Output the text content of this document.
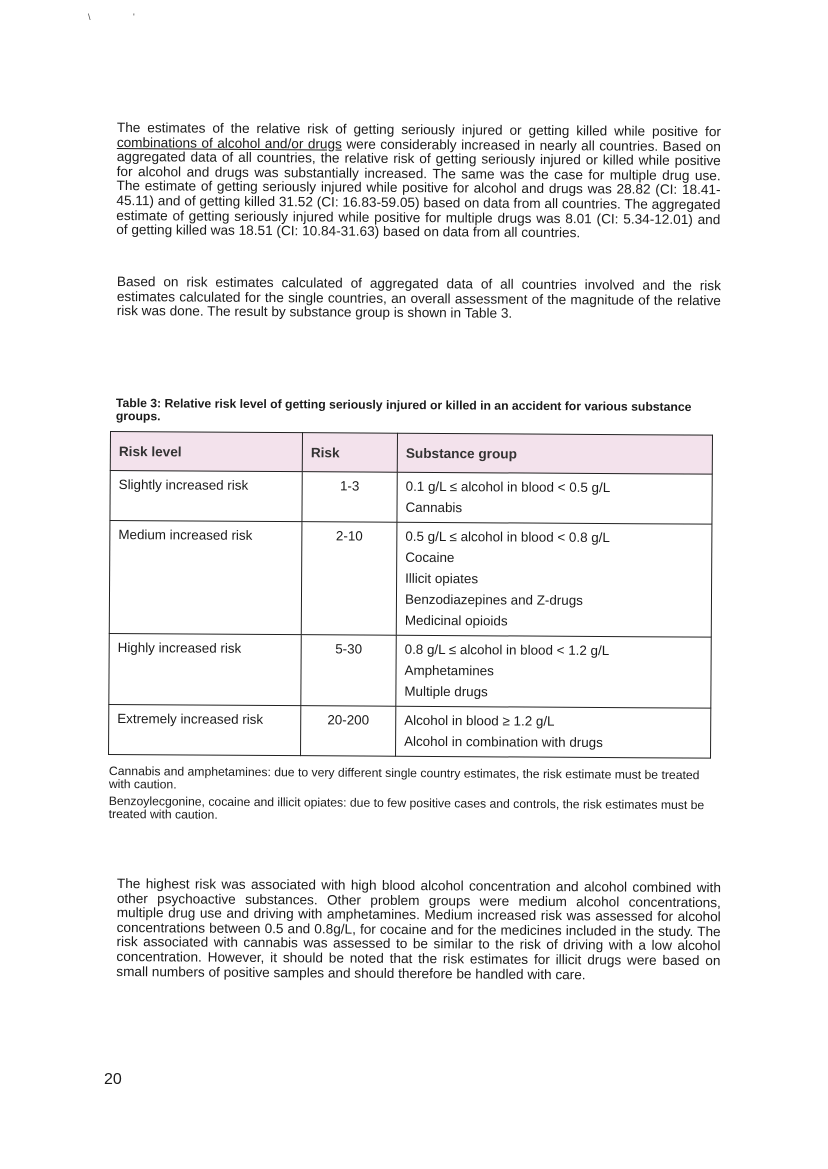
\	'

The estimates of the relative risk of getting seriously injured or getting killed while positive for combinations of alcohol and/or drugs were considerably increased in nearly all countries. Based on aggregated data of all countries, the relative risk of getting seriously injured or killed while positive for alcohol and drugs was substantially increased. The same was the case for multiple drug use. The estimate of getting seriously injured while positive for alcohol and drugs was 28.82 (CI: 18.41-45.11) and of getting killed 31.52 (CI: 16.83-59.05) based on data from all countries. The aggregated estimate of getting seriously injured while positive for multiple drugs was 8.01 (CI: 5.34-12.01) and of getting killed was 18.51 (CI: 10.84-31.63) based on data from all countries.

Based on risk estimates calculated of aggregated data of all countries involved and the risk estimates calculated for the single countries, an overall assessment of the magnitude of the relative risk was done. The result by substance group is shown in Table 3.

Table 3: Relative risk level of getting seriously injured or killed in an accident for various substance groups.

Risk level	Risk	Substance group
Slightly increased risk	1-3	0.1 g/L ≤ alcohol in blood < 0.5 g/L
Cannabis

Medium increased risk	2-10	0.5 g/L ≤ alcohol in blood < 0.8 g/L
Cocaine
Illicit opiates
Benzodiazepines and Z-drugs
Medicinal opioids

Highly increased risk	5-30	0.8 g/L ≤ alcohol in blood < 1.2 g/L
Amphetamines
Multiple drugs

Extremely increased risk	20-200	Alcohol in blood ≥ 1.2 g/L
Alcohol in combination with drugs

Cannabis and amphetamines: due to very different single country estimates, the risk estimate must be treated with caution.

Benzoylecgonine, cocaine and illicit opiates: due to few positive cases and controls, the risk estimates must be treated with caution.

The highest risk was associated with high blood alcohol concentration and alcohol combined with other psychoactive substances. Other problem groups were medium alcohol concentrations, multiple drug use and driving with amphetamines. Medium increased risk was assessed for alcohol concentrations between 0.5 and 0.8g/L, for cocaine and for the medicines included in the study. The risk associated with cannabis was assessed to be similar to the risk of driving with a low alcohol concentration. However, it should be noted that the risk estimates for illicit drugs were based on small numbers of positive samples and should therefore be handled with care.

20
